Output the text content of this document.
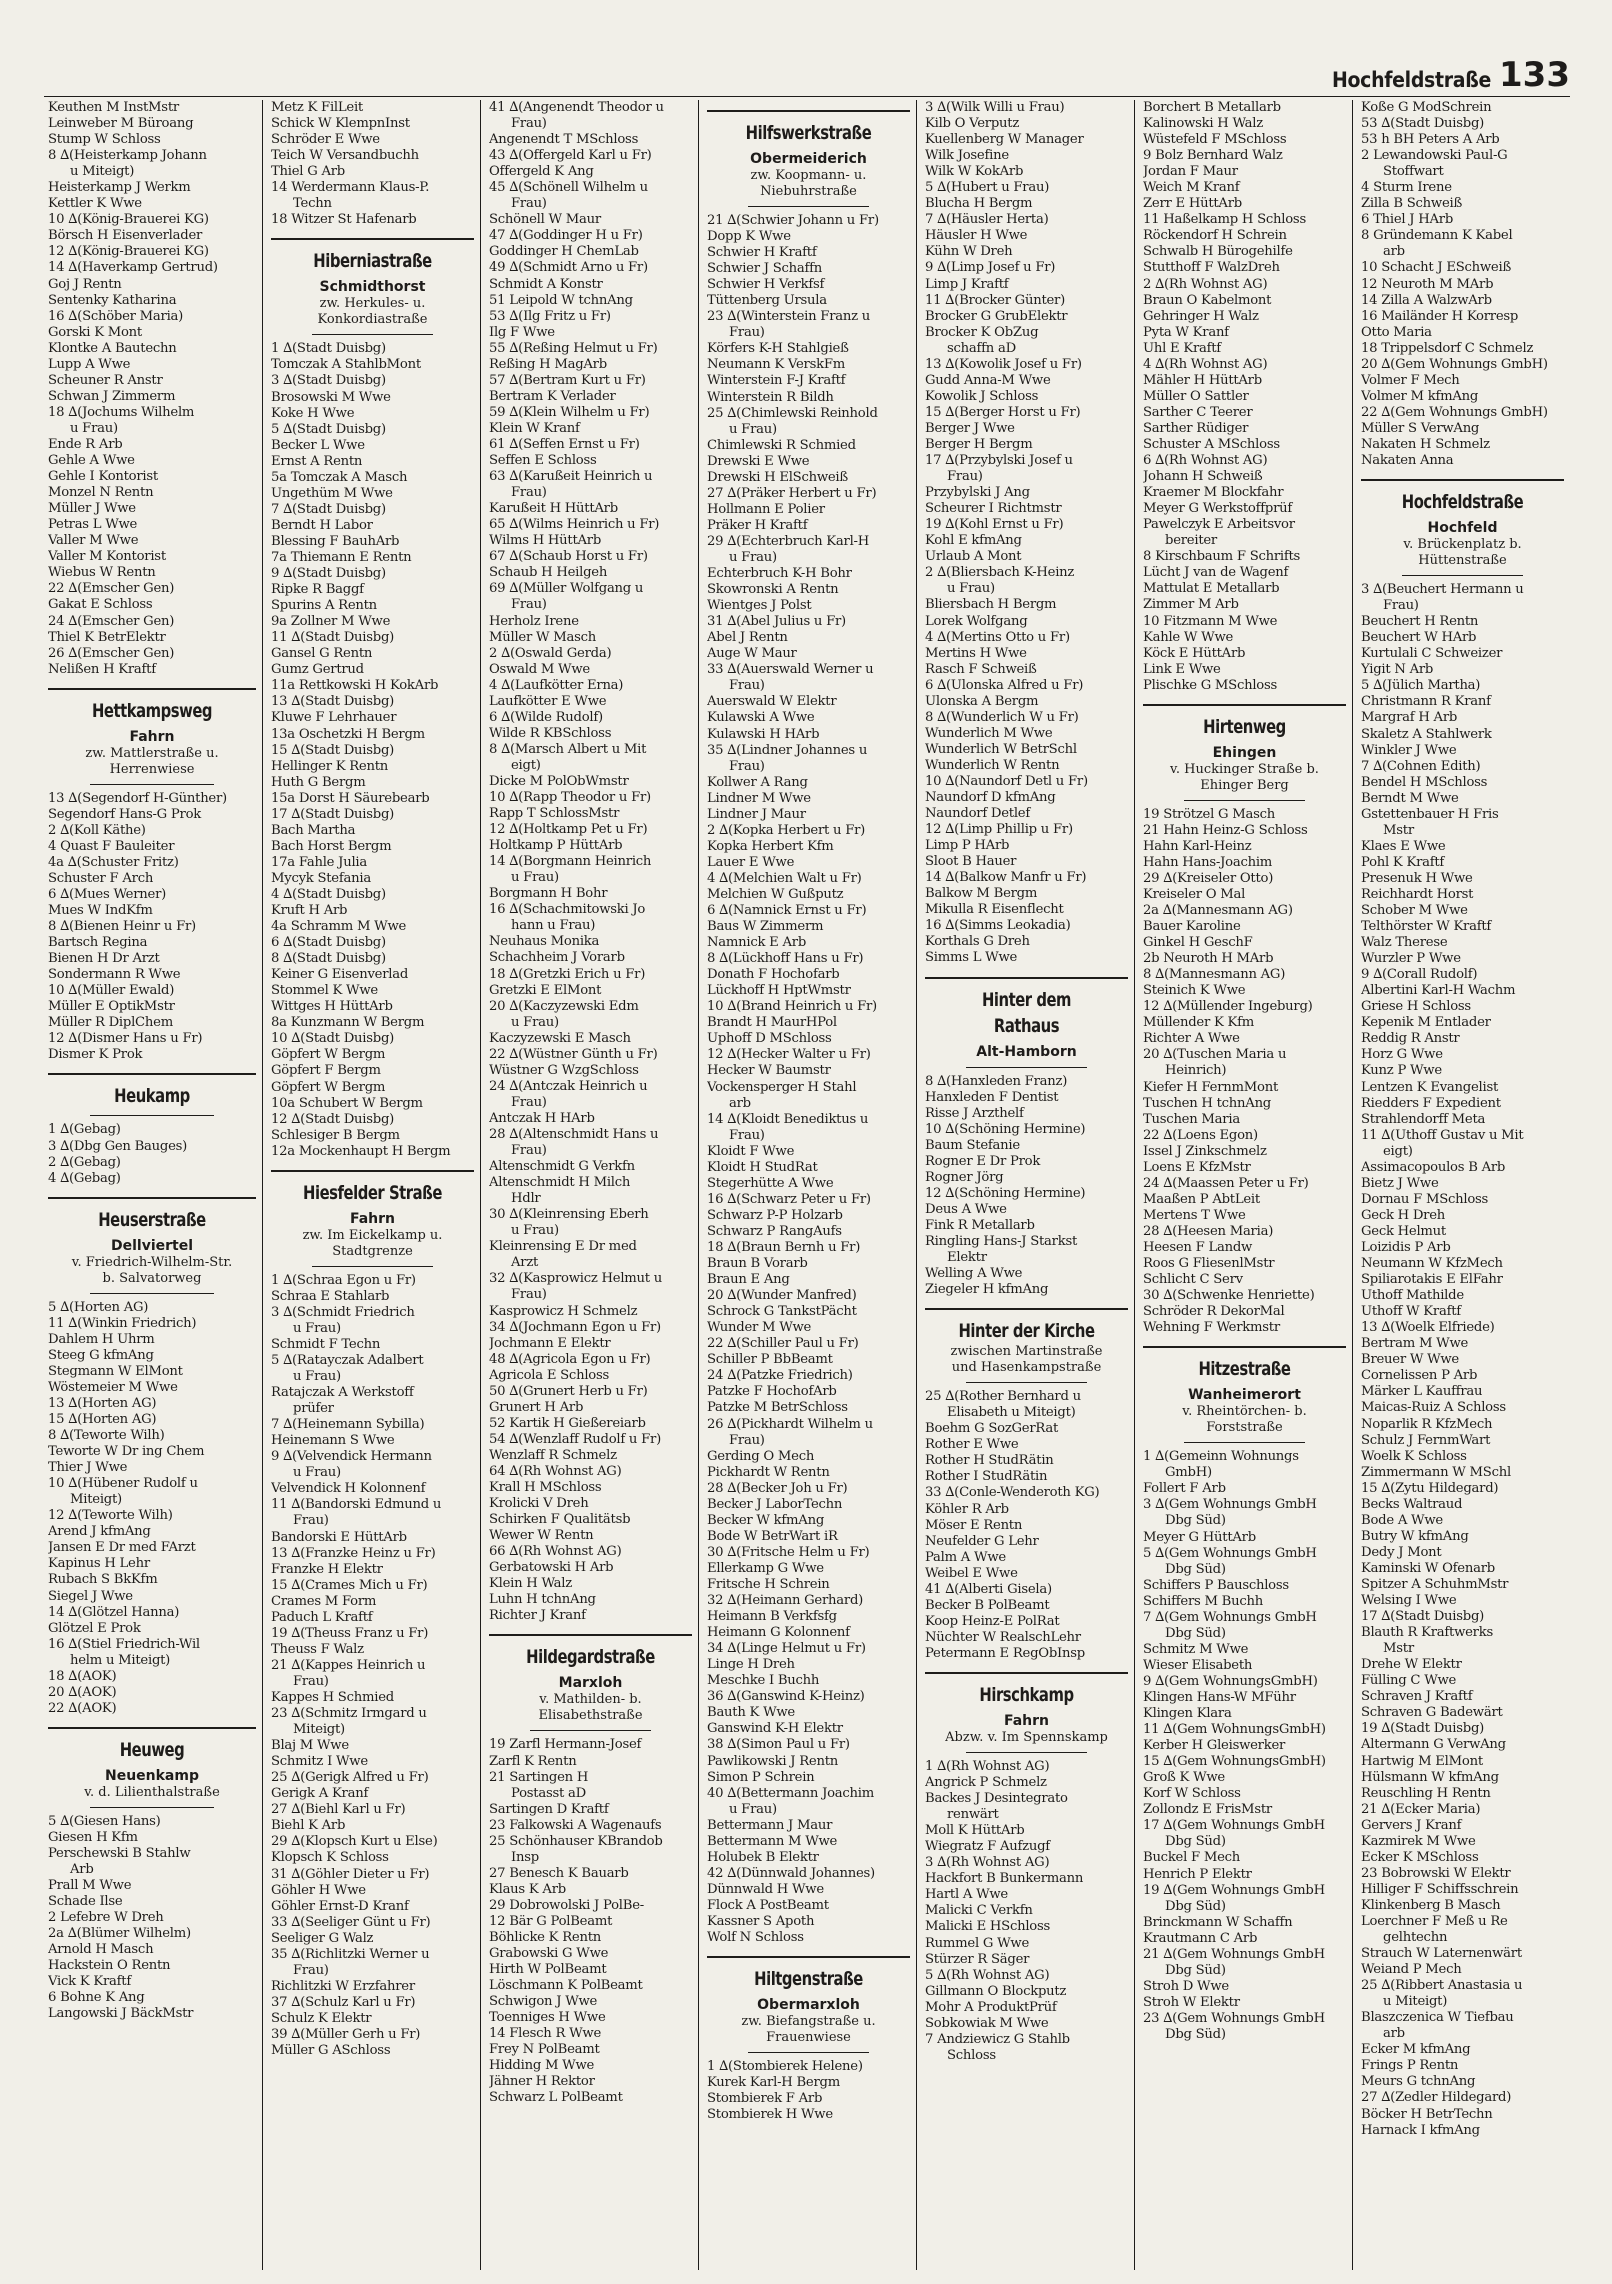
Hochfeldstraße 133
Keuthen M InstMstr
Leinweber M Büroang
Stump W Schloss
8 ∆(Heisterkamp Johann
u Miteigt)
Heisterkamp J Werkm
Kettler K Wwe
10 ∆(König-Brauerei KG)
Börsch H Eisenverlader
12 ∆(König-Brauerei KG)
14 ∆(Haverkamp Gertrud)
Goj J Rentn
Sentenky Katharina
16 ∆(Schöber Maria)
Gorski K Mont
Klontke A Bautechn
Lupp A Wwe
Scheuner R Anstr
Schwan J Zimmerm
18 ∆(Jochums Wilhelm
u Frau)
Ende R Arb
Gehle A Wwe
Gehle I Kontorist
Monzel N Rentn
Müller J Wwe
Petras L Wwe
Valler M Wwe
Valler M Kontorist
Wiebus W Rentn
22 ∆(Emscher Gen)
Gakat E Schloss
24 ∆(Emscher Gen)
Thiel K BetrElektr
26 ∆(Emscher Gen)
Nelißen H Kraftf
Hettkampsweg
Fahrn
zw. Mattlerstraße u.
Herrenwiese
13 ∆(Segendorf H-Günther)
Segendorf Hans-G Prok
2 ∆(Koll Käthe)
4 Quast F Bauleiter
4a ∆(Schuster Fritz)
Schuster F Arch
6 ∆(Mues Werner)
Mues W IndKfm
8 ∆(Bienen Heinr u Fr)
Bartsch Regina
Bienen H Dr Arzt
Sondermann R Wwe
10 ∆(Müller Ewald)
Müller E OptikMstr
Müller R DiplChem
12 ∆(Dismer Hans u Fr)
Dismer K Prok
Heukamp
1 ∆(Gebag)
3 ∆(Dbg Gen Bauges)
2 ∆(Gebag)
4 ∆(Gebag)
Heuserstraße
Dellviertel
v. Friedrich-Wilhelm-Str.
b. Salvatorweg
5 ∆(Horten AG)
11 ∆(Winkin Friedrich)
Dahlem H Uhrm
Steeg G kfmAng
Stegmann W ElMont
Wöstemeier M Wwe
13 ∆(Horten AG)
15 ∆(Horten AG)
8 ∆(Teworte Wilh)
Teworte W Dr ing Chem
Thier J Wwe
10 ∆(Hübener Rudolf u
Miteigt)
12 ∆(Teworte Wilh)
Arend J kfmAng
Jansen E Dr med FArzt
Kapinus H Lehr
Rubach S BkKfm
Siegel J Wwe
14 ∆(Glötzel Hanna)
Glötzel E Prok
16 ∆(Stiel Friedrich-Wil
helm u Miteigt)
18 ∆(AOK)
20 ∆(AOK)
22 ∆(AOK)
Heuweg
Neuenkamp
v. d. Lilienthalstraße
5 ∆(Giesen Hans)
Giesen H Kfm
Perschewski B Stahlw
Arb
Prall M Wwe
Schade Ilse
2 Lefebre W Dreh
2a ∆(Blümer Wilhelm)
Arnold H Masch
Hackstein O Rentn
Vick K Kraftf
6 Bohne K Ang
Langowski J BäckMstr
Metz K FilLeit
Schick W KlempnInst
Schröder E Wwe
Teich W Versandbuchh
Thiel G Arb
14 Werdermann Klaus-P.
Techn
18 Witzer St Hafenarb
Hiberniastraße
Schmidthorst
zw. Herkules- u.
Konkordiastraße
1 ∆(Stadt Duisbg)
Tomczak A StahlbMont
3 ∆(Stadt Duisbg)
Brosowski M Wwe
Koke H Wwe
5 ∆(Stadt Duisbg)
Becker L Wwe
Ernst A Rentn
5a Tomczak A Masch
Ungethüm M Wwe
7 ∆(Stadt Duisbg)
Berndt H Labor
Blessing F BauhArb
7a Thiemann E Rentn
9 ∆(Stadt Duisbg)
Ripke R Baggf
Spurins A Rentn
9a Zollner M Wwe
11 ∆(Stadt Duisbg)
Gansel G Rentn
Gumz Gertrud
11a Rettkowski H KokArb
13 ∆(Stadt Duisbg)
Kluwe F Lehrhauer
13a Oschetzki H Bergm
15 ∆(Stadt Duisbg)
Hellinger K Rentn
Huth G Bergm
15a Dorst H Säurebearb
17 ∆(Stadt Duisbg)
Bach Martha
Bach Horst Bergm
17a Fahle Julia
Mycyk Stefania
4 ∆(Stadt Duisbg)
Kruft H Arb
4a Schramm M Wwe
6 ∆(Stadt Duisbg)
8 ∆(Stadt Duisbg)
Keiner G Eisenverlad
Stommel K Wwe
Wittges H HüttArb
8a Kunzmann W Bergm
10 ∆(Stadt Duisbg)
Göpfert W Bergm
Göpfert F Bergm
Göpfert W Bergm
10a Schubert W Bergm
12 ∆(Stadt Duisbg)
Schlesiger B Bergm
12a Mockenhaupt H Bergm
Hiesfelder Straße
Fahrn
zw. Im Eickelkamp u.
Stadtgrenze
1 ∆(Schraa Egon u Fr)
Schraa E Stahlarb
3 ∆(Schmidt Friedrich
u Frau)
Schmidt F Techn
5 ∆(Ratayczak Adalbert
u Frau)
Ratajczak A Werkstoff
prüfer
7 ∆(Heinemann Sybilla)
Heinemann S Wwe
9 ∆(Velvendick Hermann
u Frau)
Velvendick H Kolonnenf
11 ∆(Bandorski Edmund u
Frau)
Bandorski E HüttArb
13 ∆(Franzke Heinz u Fr)
Franzke H Elektr
15 ∆(Crames Mich u Fr)
Crames M Form
Paduch L Kraftf
19 ∆(Theuss Franz u Fr)
Theuss F Walz
21 ∆(Kappes Heinrich u
Frau)
Kappes H Schmied
23 ∆(Schmitz Irmgard u
Miteigt)
Blaj M Wwe
Schmitz I Wwe
25 ∆(Gerigk Alfred u Fr)
Gerigk A Kranf
27 ∆(Biehl Karl u Fr)
Biehl K Arb
29 ∆(Klopsch Kurt u Else)
Klopsch K Schloss
31 ∆(Göhler Dieter u Fr)
Göhler H Wwe
Göhler Ernst-D Kranf
33 ∆(Seeliger Günt u Fr)
Seeliger G Walz
35 ∆(Richlitzki Werner u
Frau)
Richlitzki W Erzfahrer
37 ∆(Schulz Karl u Fr)
Schulz K Elektr
39 ∆(Müller Gerh u Fr)
Müller G ASchloss
41 ∆(Angenendt Theodor u
Frau)
Angenendt T MSchloss
43 ∆(Offergeld Karl u Fr)
Offergeld K Ang
45 ∆(Schönell Wilhelm u
Frau)
Schönell W Maur
47 ∆(Goddinger H u Fr)
Goddinger H ChemLab
49 ∆(Schmidt Arno u Fr)
Schmidt A Konstr
51 Leipold W tchnAng
53 ∆(Ilg Fritz u Fr)
Ilg F Wwe
55 ∆(Reßing Helmut u Fr)
Reßing H MagArb
57 ∆(Bertram Kurt u Fr)
Bertram K Verlader
59 ∆(Klein Wilhelm u Fr)
Klein W Kranf
61 ∆(Seffen Ernst u Fr)
Seffen E Schloss
63 ∆(Karußeit Heinrich u
Frau)
Karußeit H HüttArb
65 ∆(Wilms Heinrich u Fr)
Wilms H HüttArb
67 ∆(Schaub Horst u Fr)
Schaub H Heilgeh
69 ∆(Müller Wolfgang u
Frau)
Herholz Irene
Müller W Masch
2 ∆(Oswald Gerda)
Oswald M Wwe
4 ∆(Laufkötter Erna)
Laufkötter E Wwe
6 ∆(Wilde Rudolf)
Wilde R KBSchloss
8 ∆(Marsch Albert u Mit
eigt)
Dicke M PolObWmstr
10 ∆(Rapp Theodor u Fr)
Rapp T SchlossMstr
12 ∆(Holtkamp Pet u Fr)
Holtkamp P HüttArb
14 ∆(Borgmann Heinrich
u Frau)
Borgmann H Bohr
16 ∆(Schachmitowski Jo
hann u Frau)
Neuhaus Monika
Schachheim J Vorarb
18 ∆(Gretzki Erich u Fr)
Gretzki E ElMont
20 ∆(Kaczyzewski Edm
u Frau)
Kaczyzewski E Masch
22 ∆(Wüstner Günth u Fr)
Wüstner G WzgSchloss
24 ∆(Antczak Heinrich u
Frau)
Antczak H HArb
28 ∆(Altenschmidt Hans u
Frau)
Altenschmidt G Verkfn
Altenschmidt H Milch
Hdlr
30 ∆(Kleinrensing Eberh
u Frau)
Kleinrensing E Dr med
Arzt
32 ∆(Kasprowicz Helmut u
Frau)
Kasprowicz H Schmelz
34 ∆(Jochmann Egon u Fr)
Jochmann E Elektr
48 ∆(Agricola Egon u Fr)
Agricola E Schloss
50 ∆(Grunert Herb u Fr)
Grunert H Arb
52 Kartik H Gießereiarb
54 ∆(Wenzlaff Rudolf u Fr)
Wenzlaff R Schmelz
64 ∆(Rh Wohnst AG)
Krall H MSchloss
Krolicki V Dreh
Schirken F Qualitätsb
Wewer W Rentn
66 ∆(Rh Wohnst AG)
Gerbatowski H Arb
Klein H Walz
Luhn H tchnAng
Richter J Kranf
Hildegardstraße
Marxloh
v. Mathilden- b.
Elisabethstraße
19 Zarfl Hermann-Josef
Zarfl K Rentn
21 Sartingen H
Postasst aD
Sartingen D Kraftf
23 Falkowski A Wagenaufs
25 Schönhauser KBrandob
Insp
27 Benesch K Bauarb
Klaus K Arb
29 Dobrowolski J PolBe-
12 Bär G PolBeamt
Böhlicke K Rentn
Grabowski G Wwe
Hirth W PolBeamt
Löschmann K PolBeamt
Schwigon J Wwe
Toenniges H Wwe
14 Flesch R Wwe
Frey N PolBeamt
Hidding M Wwe
Jähner H Rektor
Schwarz L PolBeamt
Hilfswerkstraße
Obermeiderich
zw. Koopmann- u.
Niebuhrstraße
21 ∆(Schwier Johann u Fr)
Dopp K Wwe
Schwier H Kraftf
Schwier J Schaffn
Schwier H Verkfsf
Tüttenberg Ursula
23 ∆(Winterstein Franz u
Frau)
Körfers K-H Stahlgieß
Neumann K VerskFm
Winterstein F-J Kraftf
Winterstein R Bildh
25 ∆(Chimlewski Reinhold
u Frau)
Chimlewski R Schmied
Drewski E Wwe
Drewski H ElSchweiß
27 ∆(Präker Herbert u Fr)
Hollmann E Polier
Präker H Kraftf
29 ∆(Echterbruch Karl-H
u Frau)
Echterbruch K-H Bohr
Skowronski A Rentn
Wientges J Polst
31 ∆(Abel Julius u Fr)
Abel J Rentn
Auge W Maur
33 ∆(Auerswald Werner u
Frau)
Auerswald W Elektr
Kulawski A Wwe
Kulawski H HArb
35 ∆(Lindner Johannes u
Frau)
Kollwer A Rang
Lindner M Wwe
Lindner J Maur
2 ∆(Kopka Herbert u Fr)
Kopka Herbert Kfm
Lauer E Wwe
4 ∆(Melchien Walt u Fr)
Melchien W Gußputz
6 ∆(Namnick Ernst u Fr)
Baus W Zimmerm
Namnick E Arb
8 ∆(Lückhoff Hans u Fr)
Donath F Hochofarb
Lückhoff H HptWmstr
10 ∆(Brand Heinrich u Fr)
Brandt H MaurHPol
Uphoff D MSchloss
12 ∆(Hecker Walter u Fr)
Hecker W Baumstr
Vockensperger H Stahl
arb
14 ∆(Kloidt Benediktus u
Frau)
Kloidt F Wwe
Kloidt H StudRat
Stegerhütte A Wwe
16 ∆(Schwarz Peter u Fr)
Schwarz P-P Holzarb
Schwarz P RangAufs
18 ∆(Braun Bernh u Fr)
Braun B Vorarb
Braun E Ang
20 ∆(Wunder Manfred)
Schrock G TankstPächt
Wunder M Wwe
22 ∆(Schiller Paul u Fr)
Schiller P BbBeamt
24 ∆(Patzke Friedrich)
Patzke F HochofArb
Patzke M BetrSchloss
26 ∆(Pickhardt Wilhelm u
Frau)
Gerding O Mech
Pickhardt W Rentn
28 ∆(Becker Joh u Fr)
Becker J LaborTechn
Becker W kfmAng
Bode W BetrWart iR
30 ∆(Fritsche Helm u Fr)
Ellerkamp G Wwe
Fritsche H Schrein
32 ∆(Heimann Gerhard)
Heimann B Verkfsfg
Heimann G Kolonnenf
34 ∆(Linge Helmut u Fr)
Linge H Dreh
Meschke I Buchh
36 ∆(Ganswind K-Heinz)
Bauth K Wwe
Ganswind K-H Elektr
38 ∆(Simon Paul u Fr)
Pawlikowski J Rentn
Simon P Schrein
40 ∆(Bettermann Joachim
u Frau)
Bettermann J Maur
Bettermann M Wwe
Holubek B Elektr
42 ∆(Dünnwald Johannes)
Dünnwald H Wwe
Flock A PostBeamt
Kassner S Apoth
Wolf N Schloss
Hiltgenstraße
Obermarxloh
zw. Biefangstraße u.
Frauenwiese
1 ∆(Stombierek Helene)
Kurek Karl-H Bergm
Stombierek F Arb
Stombierek H Wwe
3 ∆(Wilk Willi u Frau)
Kilb O Verputz
Kuellenberg W Manager
Wilk Josefine
Wilk W KokArb
5 ∆(Hubert u Frau)
Blucha H Bergm
7 ∆(Häusler Herta)
Häusler H Wwe
Kühn W Dreh
9 ∆(Limp Josef u Fr)
Limp J Kraftf
11 ∆(Brocker Günter)
Brocker G GrubElektr
Brocker K ObZug
schaffn aD
13 ∆(Kowolik Josef u Fr)
Gudd Anna-M Wwe
Kowolik J Schloss
15 ∆(Berger Horst u Fr)
Berger J Wwe
Berger H Bergm
17 ∆(Przybylski Josef u
Frau)
Przybylski J Ang
Scheurer I Richtmstr
19 ∆(Kohl Ernst u Fr)
Kohl E kfmAng
Urlaub A Mont
2 ∆(Bliersbach K-Heinz
u Frau)
Bliersbach H Bergm
Lorek Wolfgang
4 ∆(Mertins Otto u Fr)
Mertins H Wwe
Rasch F Schweiß
6 ∆(Ulonska Alfred u Fr)
Ulonska A Bergm
8 ∆(Wunderlich W u Fr)
Wunderlich M Wwe
Wunderlich W BetrSchl
Wunderlich W Rentn
10 ∆(Naundorf Detl u Fr)
Naundorf D kfmAng
Naundorf Detlef
12 ∆(Limp Phillip u Fr)
Limp P HArb
Sloot B Hauer
14 ∆(Balkow Manfr u Fr)
Balkow M Bergm
Mikulla R Eisenflecht
16 ∆(Simms Leokadia)
Korthals G Dreh
Simms L Wwe
Hinter dem Rathaus
Alt-Hamborn
8 ∆(Hanxleden Franz)
Hanxleden F Dentist
Risse J Arzthelf
10 ∆(Schöning Hermine)
Baum Stefanie
Rogner E Dr Prok
Rogner Jörg
12 ∆(Schöning Hermine)
Deus A Wwe
Fink R Metallarb
Ringling Hans-J Starkst
Elektr
Welling A Wwe
Ziegeler H kfmAng
Hinter der Kirche
zwischen Martinstraße
und Hasenkampstraße
25 ∆(Rother Bernhard u
Elisabeth u Miteigt)
Boehm G SozGerRat
Rother E Wwe
Rother H StudRätin
Rother I StudRätin
33 ∆(Conle-Wenderoth KG)
Köhler R Arb
Möser E Rentn
Neufelder G Lehr
Palm A Wwe
Weibel E Wwe
41 ∆(Alberti Gisela)
Becker B PolBeamt
Koop Heinz-E PolRat
Nüchter W RealschLehr
Petermann E RegObInsp
Hirschkamp
Fahrn
Abzw. v. Im Spennskamp
1 ∆(Rh Wohnst AG)
Angrick P Schmelz
Backes J Desintegrato
renwärt
Moll K HüttArb
Wiegratz F Aufzugf
3 ∆(Rh Wohnst AG)
Hackfort B Bunkermann
Hartl A Wwe
Malicki C Verkfn
Malicki E HSchloss
Rummel G Wwe
Stürzer R Säger
5 ∆(Rh Wohnst AG)
Gillmann O Blockputz
Mohr A ProduktPrüf
Sobkowiak M Wwe
7 Andziewicz G Stahlb
Schloss
Borchert B Metallarb
Kalinowski H Walz
Wüstefeld F MSchloss
9 Bolz Bernhard Walz
Jordan F Maur
Weich M Kranf
Zerr E HüttArb
11 Haßelkamp H Schloss
Röckendorf H Schrein
Schwalb H Bürogehilfe
Stutthoff F WalzDreh
2 ∆(Rh Wohnst AG)
Braun O Kabelmont
Gehringer H Walz
Pyta W Kranf
Uhl E Kraftf
4 ∆(Rh Wohnst AG)
Mähler H HüttArb
Müller O Sattler
Sarther C Teerer
Sarther Rüdiger
Schuster A MSchloss
6 ∆(Rh Wohnst AG)
Johann H Schweiß
Kraemer M Blockfahr
Meyer G Werkstoffprüf
Pawelczyk E Arbeitsvor
bereiter
8 Kirschbaum F Schrifts
Lücht J van de Wagenf
Mattulat E Metallarb
Zimmer M Arb
10 Fitzmann M Wwe
Kahle W Wwe
Köck E HüttArb
Link E Wwe
Plischke G MSchloss
Hirtenweg
Ehingen
v. Huckinger Straße b.
Ehinger Berg
19 Strötzel G Masch
21 Hahn Heinz-G Schloss
Hahn Karl-Heinz
Hahn Hans-Joachim
29 ∆(Kreiseler Otto)
Kreiseler O Mal
2a ∆(Mannesmann AG)
Bauer Karoline
Ginkel H GeschF
2b Neuroth H MArb
8 ∆(Mannesmann AG)
Steinich K Wwe
12 ∆(Müllender Ingeburg)
Müllender K Kfm
Richter A Wwe
20 ∆(Tuschen Maria u
Heinrich)
Kiefer H FernmMont
Tuschen H tchnAng
Tuschen Maria
22 ∆(Loens Egon)
Issel J Zinkschmelz
Loens E KfzMstr
24 ∆(Maassen Peter u Fr)
Maaßen P AbtLeit
Mertens T Wwe
28 ∆(Heesen Maria)
Heesen F Landw
Roos G FliesenlMstr
Schlicht C Serv
30 ∆(Schwenke Henriette)
Schröder R DekorMal
Wehning F Werkmstr
Hitzestraße
Wanheimerort
v. Rheintörchen- b.
Forststraße
1 ∆(Gemeinn Wohnungs
GmbH)
Follert F Arb
3 ∆(Gem Wohnungs GmbH
Dbg Süd)
Meyer G HüttArb
5 ∆(Gem Wohnungs GmbH
Dbg Süd)
Schiffers P Bauschloss
Schiffers M Buchh
7 ∆(Gem Wohnungs GmbH
Dbg Süd)
Schmitz M Wwe
Wieser Elisabeth
9 ∆(Gem WohnungsGmbH)
Klingen Hans-W MFühr
Klingen Klara
11 ∆(Gem WohnungsGmbH)
Kerber H Gleiswerker
15 ∆(Gem WohnungsGmbH)
Groß K Wwe
Korf W Schloss
Zollondz E FrisMstr
17 ∆(Gem Wohnungs GmbH
Dbg Süd)
Buckel F Mech
Henrich P Elektr
19 ∆(Gem Wohnungs GmbH
Dbg Süd)
Brinckmann W Schaffn
Krautmann C Arb
21 ∆(Gem Wohnungs GmbH
Dbg Süd)
Stroh D Wwe
Stroh W Elektr
23 ∆(Gem Wohnungs GmbH
Dbg Süd)
Koße G ModSchrein
53 ∆(Stadt Duisbg)
53 h BH Peters A Arb
2 Lewandowski Paul-G
Stoffwart
4 Sturm Irene
Zilla B Schweiß
6 Thiel J HArb
8 Gründemann K Kabel
arb
10 Schacht J ESchweiß
12 Neuroth M MArb
14 Zilla A WalzwArb
16 Mailänder H Korresp
Otto Maria
18 Trippelsdorf C Schmelz
20 ∆(Gem Wohnungs GmbH)
Volmer F Mech
Volmer M kfmAng
22 ∆(Gem Wohnungs GmbH)
Müller S VerwAng
Nakaten H Schmelz
Nakaten Anna
Hochfeldstraße
Hochfeld
v. Brückenplatz b.
Hüttenstraße
3 ∆(Beuchert Hermann u
Frau)
Beuchert H Rentn
Beuchert W HArb
Kurtulali C Schweizer
Yigit N Arb
5 ∆(Jülich Martha)
Christmann R Kranf
Margraf H Arb
Skaletz A Stahlwerk
Winkler J Wwe
7 ∆(Cohnen Edith)
Bendel H MSchloss
Berndt M Wwe
Gstettenbauer H Fris
Mstr
Klaes E Wwe
Pohl K Kraftf
Presenuk H Wwe
Reichhardt Horst
Schober M Wwe
Telthörster W Kraftf
Walz Therese
Wurzler P Wwe
9 ∆(Corall Rudolf)
Albertini Karl-H Wachm
Griese H Schloss
Kepenik M Entlader
Reddig R Anstr
Horz G Wwe
Kunz P Wwe
Lentzen K Evangelist
Riedders F Expedient
Strahlendorff Meta
11 ∆(Uthoff Gustav u Mit
eigt)
Assimacopoulos B Arb
Bietz J Wwe
Dornau F MSchloss
Geck H Dreh
Geck Helmut
Loizidis P Arb
Neumann W KfzMech
Spiliarotakis E ElFahr
Uthoff Mathilde
Uthoff W Kraftf
13 ∆(Woelk Elfriede)
Bertram M Wwe
Breuer W Wwe
Cornelissen P Arb
Märker L Kauffrau
Maicas-Ruiz A Schloss
Noparlik R KfzMech
Schulz J FernmWart
Woelk K Schloss
Zimmermann W MSchl
15 ∆(Zytu Hildegard)
Becks Waltraud
Bode A Wwe
Butry W kfmAng
Dedy J Mont
Kaminski W Ofenarb
Spitzer A SchuhmMstr
Welsing I Wwe
17 ∆(Stadt Duisbg)
Blauth R Kraftwerks
Mstr
Drehe W Elektr
Fülling C Wwe
Schraven J Kraftf
Schraven G Badewärt
19 ∆(Stadt Duisbg)
Altermann G VerwAng
Hartwig M ElMont
Hülsmann W kfmAng
Reuschling H Rentn
21 ∆(Ecker Maria)
Gervers J Kranf
Kazmirek M Wwe
Ecker K MSchloss
23 Bobrowski W Elektr
Hilliger F Schiffsschrein
Klinkenberg B Masch
Loerchner F Meß u Re
gelhtechn
Strauch W Laternenwärt
Weiand P Mech
25 ∆(Ribbert Anastasia u
u Miteigt)
Blaszczenica W Tiefbau
arb
Ecker M kfmAng
Frings P Rentn
Meurs G tchnAng
27 ∆(Zedler Hildegard)
Böcker H BetrTechn
Harnack I kfmAng
